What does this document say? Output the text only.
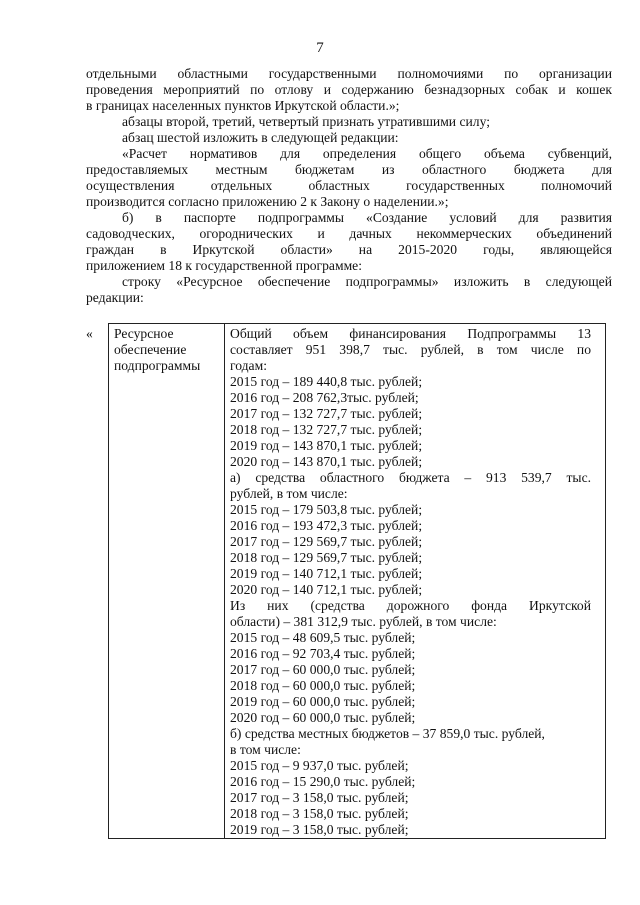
7

отдельными областными государственными полномочиями по организации

проведения мероприятий по отлову и содержанию безнадзорных собак и кошек

в границах населенных пунктов Иркутской области.»;

абзацы второй, третий, четвертый признать утратившими силу;

абзац шестой изложить в следующей редакции:

«Расчет нормативов для определения общего объема субвенций,

предоставляемых местным бюджетам из областного бюджета для

осуществления отдельных областных государственных полномочий

производится согласно приложению 2 к Закону о наделении.»;

б) в паспорте подпрограммы «Создание условий для развития

садоводческих, огороднических и дачных некоммерческих объединений

граждан в Иркутской области» на 2015-2020 годы, являющейся

приложением 18 к государственной программе:

строку «Ресурсное обеспечение подпрограммы» изложить в следующей

редакции:

« Ресурсное
обеспечение
подпрограммы

Общий объем финансирования Подпрограммы 13
составляет 951 398,7 тыс. рублей, в том числе по
годам:
2015 год – 189 440,8 тыс. рублей;
2016 год – 208 762,3тыс. рублей;
2017 год – 132 727,7 тыс. рублей;
2018 год – 132 727,7 тыс. рублей;
2019 год – 143 870,1 тыс. рублей;
2020 год – 143 870,1 тыс. рублей;
а) средства областного бюджета – 913 539,7 тыс.
рублей, в том числе:
2015 год – 179 503,8 тыс. рублей;
2016 год – 193 472,3 тыс. рублей;
2017 год – 129 569,7 тыс. рублей;
2018 год – 129 569,7 тыс. рублей;
2019 год – 140 712,1 тыс. рублей;
2020 год – 140 712,1 тыс. рублей;
Из них (средства дорожного фонда Иркутской
области) – 381 312,9 тыс. рублей, в том числе:
2015 год – 48 609,5 тыс. рублей;
2016 год – 92 703,4 тыс. рублей;
2017 год – 60 000,0 тыс. рублей;
2018 год – 60 000,0 тыс. рублей;
2019 год – 60 000,0 тыс. рублей;
2020 год – 60 000,0 тыс. рублей;
б) средства местных бюджетов – 37 859,0 тыс. рублей,
в том числе:
2015 год – 9 937,0 тыс. рублей;
2016 год – 15 290,0 тыс. рублей;
2017 год – 3 158,0 тыс. рублей;
2018 год – 3 158,0 тыс. рублей;
2019 год – 3 158,0 тыс. рублей;
